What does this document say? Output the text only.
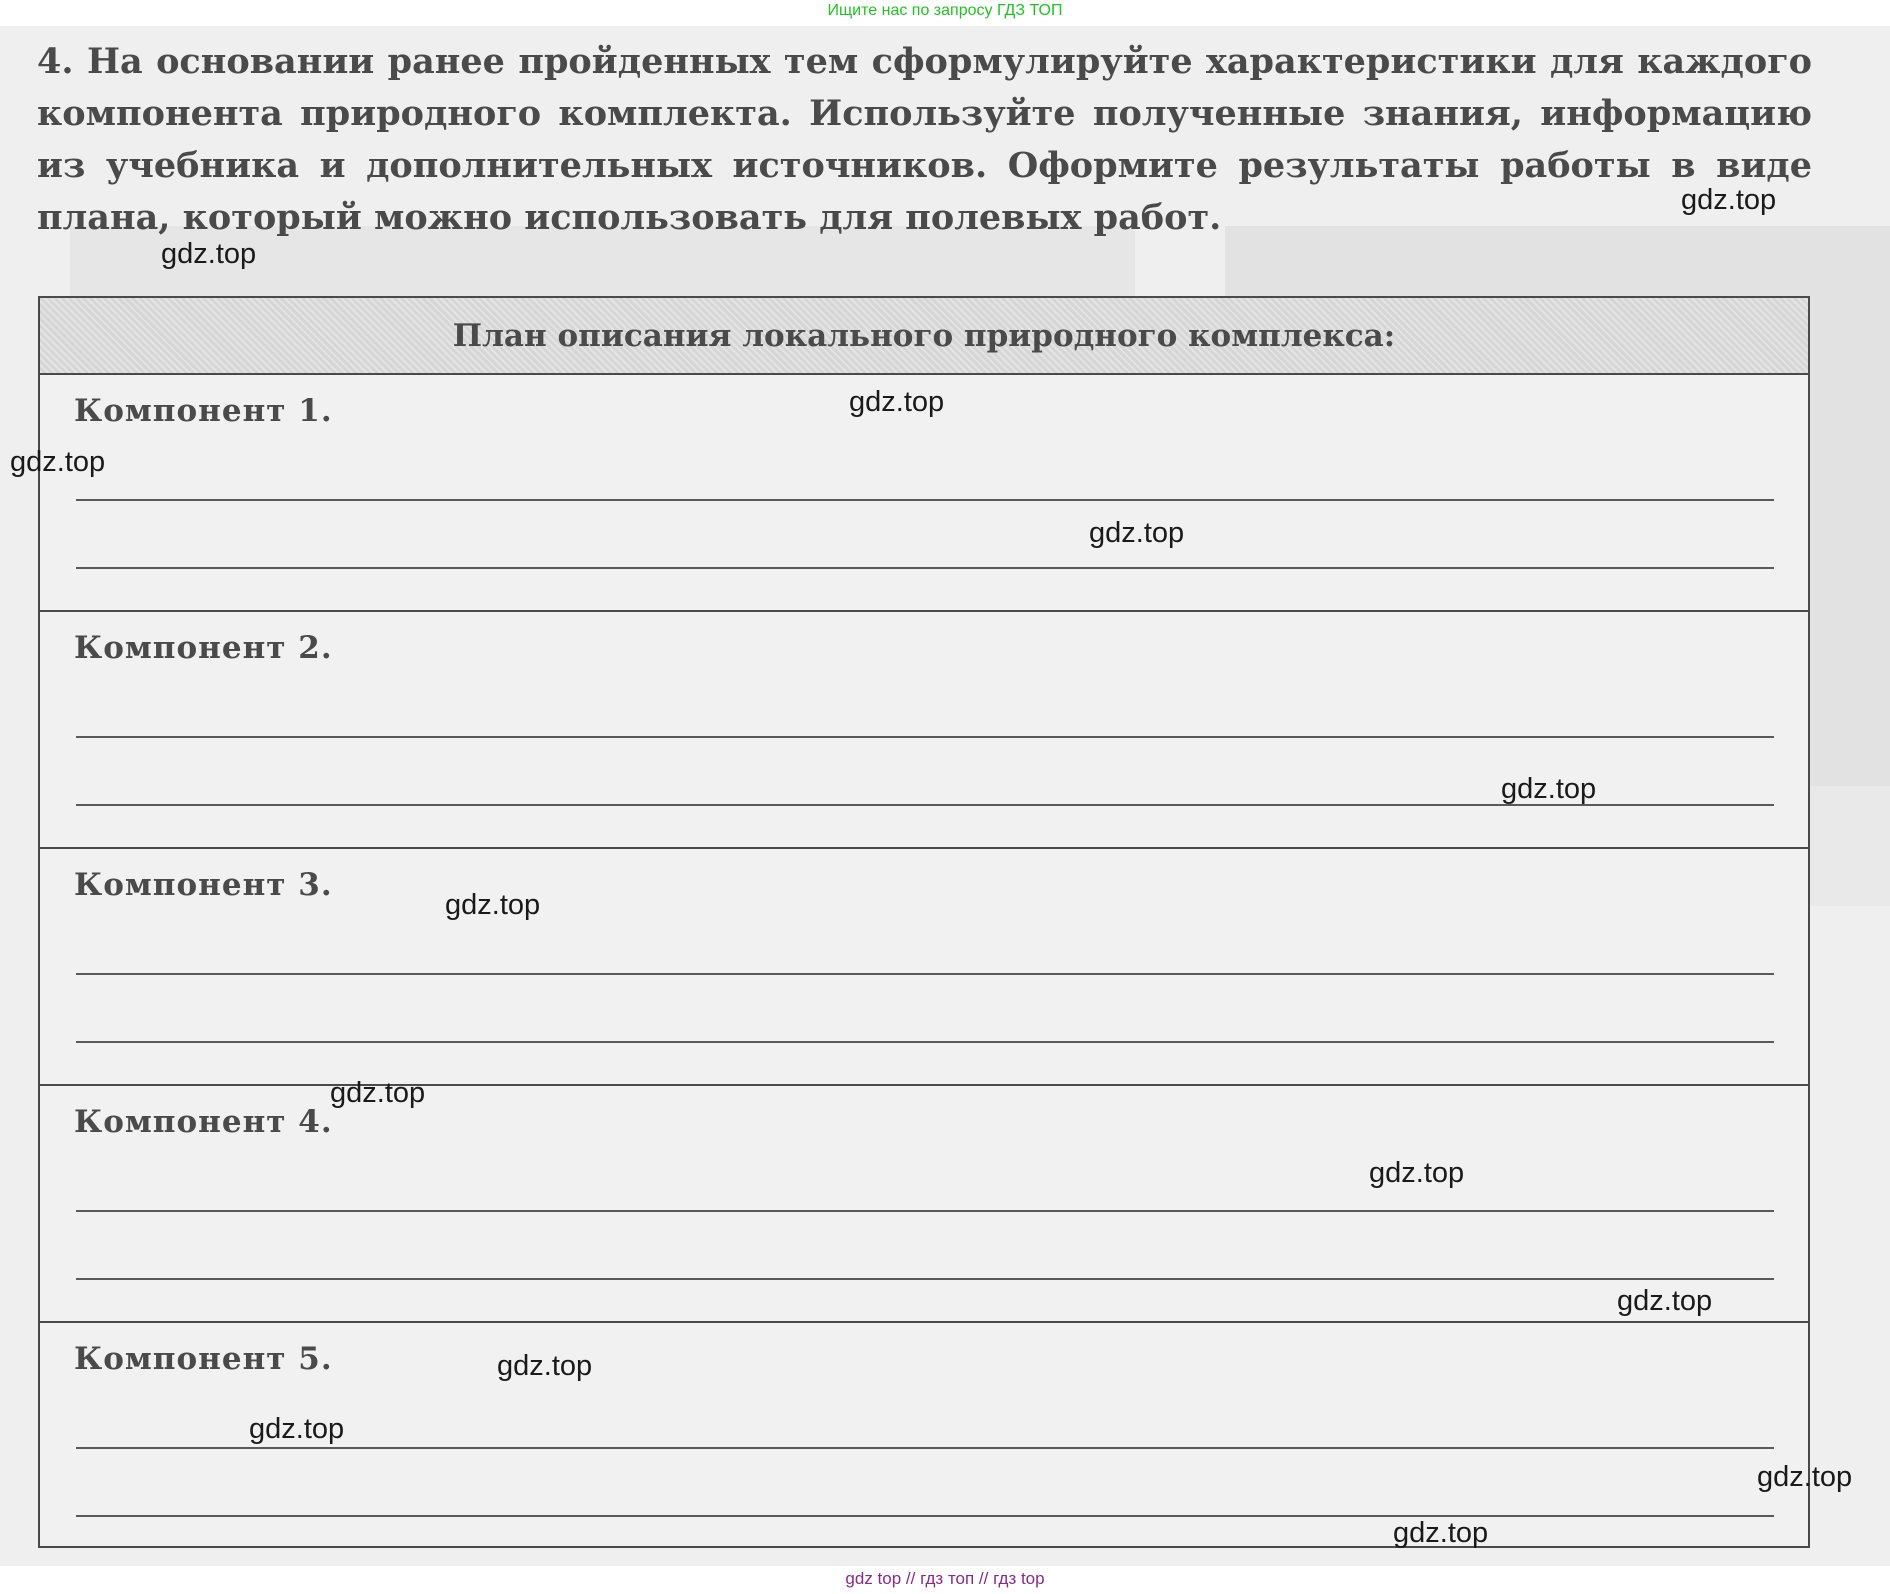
Ищите нас по запросу ГДЗ ТОП

4. На основании ранее пройденных тем сформулируйте характеристики для каждого компонента природного комплекта. Используйте полученные знания, информацию из учебника и дополнительных источников. Оформите результаты работы в виде плана, который можно использовать для полевых работ.

План описания локального природного комплекса:
Компонент 1.
Компонент 2.
Компонент 3.
Компонент 4.
Компонент 5.
gdz.top
gdz.top
gdz.top
gdz.top
gdz.top
gdz.top
gdz.top
gdz.top
gdz.top
gdz.top
gdz.top
gdz.top
gdz.top
gdz.top
gdz top // гдз топ // гдз top
